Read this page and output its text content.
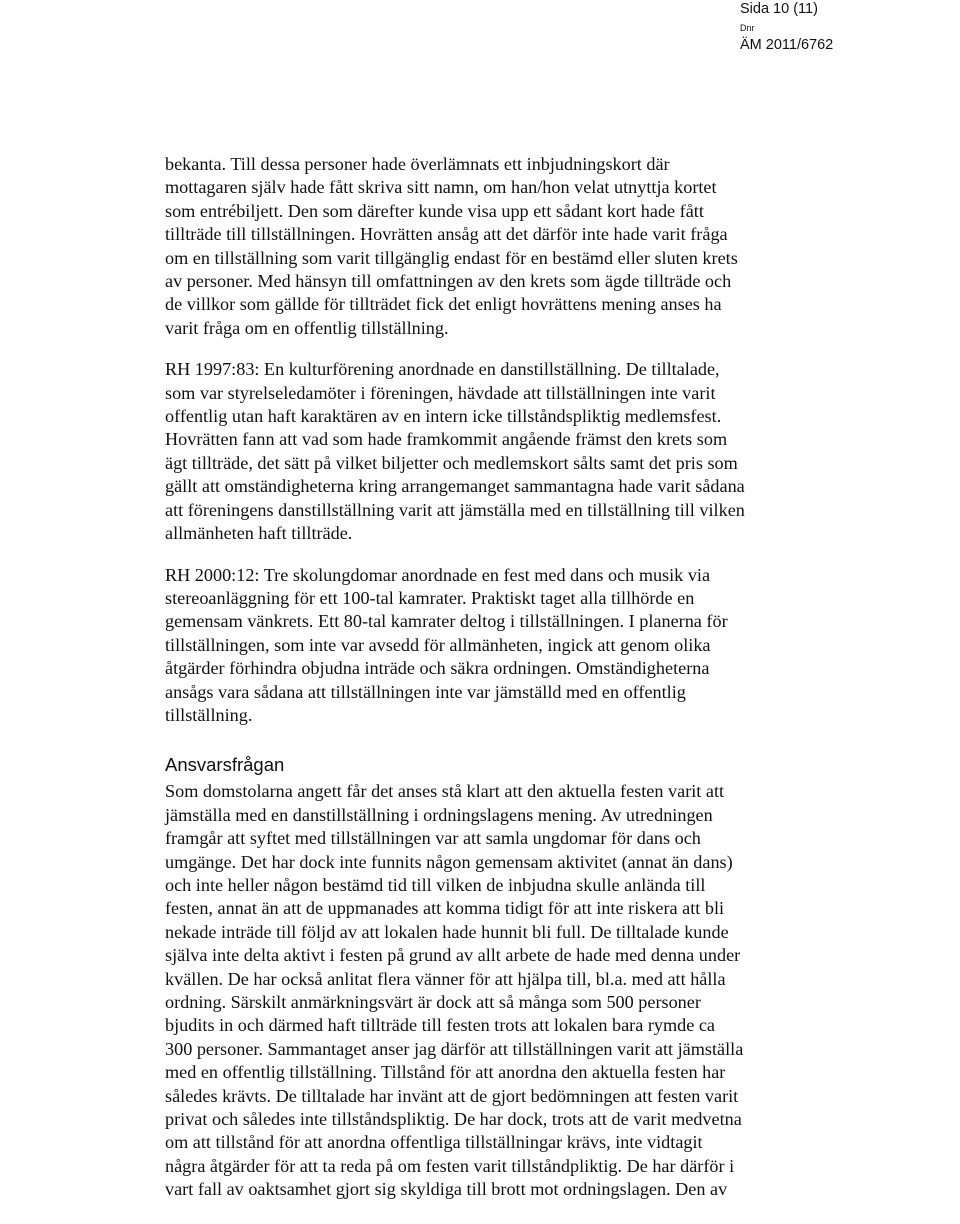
Sida 10 (11)
Dnr
ÄM 2011/6762

bekanta. Till dessa personer hade överlämnats ett inbjudningskort där
mottagaren själv hade fått skriva sitt namn, om han/hon velat utnyttja kortet
som entrébiljett. Den som därefter kunde visa upp ett sådant kort hade fått
tillträde till tillställningen. Hovrätten ansåg att det därför inte hade varit fråga
om en tillställning som varit tillgänglig endast för en bestämd eller sluten krets
av personer. Med hänsyn till omfattningen av den krets som ägde tillträde och
de villkor som gällde för tillträdet fick det enligt hovrättens mening anses ha
varit fråga om en offentlig tillställning.

RH 1997:83: En kulturförening anordnade en danstillställning. De tilltalade,
som var styrelseledamöter i föreningen, hävdade att tillställningen inte varit
offentlig utan haft karaktären av en intern icke tillståndspliktig medlemsfest.
Hovrätten fann att vad som hade framkommit angående främst den krets som
ägt tillträde, det sätt på vilket biljetter och medlemskort sålts samt det pris som
gällt att omständigheterna kring arrangemanget sammantagna hade varit sådana
att föreningens danstillställning varit att jämställa med en tillställning till vilken
allmänheten haft tillträde.

RH 2000:12: Tre skolungdomar anordnade en fest med dans och musik via
stereoanläggning för ett 100-tal kamrater. Praktiskt taget alla tillhörde en
gemensam vänkrets. Ett 80-tal kamrater deltog i tillställningen. I planerna för
tillställningen, som inte var avsedd för allmänheten, ingick att genom olika
åtgärder förhindra objudna inträde och säkra ordningen. Omständigheterna
ansågs vara sådana att tillställningen inte var jämställd med en offentlig
tillställning.

Ansvarsfrågan

Som domstolarna angett får det anses stå klart att den aktuella festen varit att
jämställa med en danstillställning i ordningslagens mening. Av utredningen
framgår att syftet med tillställningen var att samla ungdomar för dans och
umgänge. Det har dock inte funnits någon gemensam aktivitet (annat än dans)
och inte heller någon bestämd tid till vilken de inbjudna skulle anlända till
festen, annat än att de uppmanades att komma tidigt för att inte riskera att bli
nekade inträde till följd av att lokalen hade hunnit bli full. De tilltalade kunde
själva inte delta aktivt i festen på grund av allt arbete de hade med denna under
kvällen. De har också anlitat flera vänner för att hjälpa till, bl.a. med att hålla
ordning. Särskilt anmärkningsvärt är dock att så många som 500 personer
bjudits in och därmed haft tillträde till festen trots att lokalen bara rymde ca
300 personer. Sammantaget anser jag därför att tillställningen varit att jämställa
med en offentlig tillställning. Tillstånd för att anordna den aktuella festen har
således krävts. De tilltalade har invänt att de gjort bedömningen att festen varit
privat och således inte tillståndspliktig. De har dock, trots att de varit medvetna
om att tillstånd för att anordna offentliga tillställningar krävs, inte vidtagit
några åtgärder för att ta reda på om festen varit tillståndpliktig. De har därför i
vart fall av oaktsamhet gjort sig skyldiga till brott mot ordningslagen. Den av
